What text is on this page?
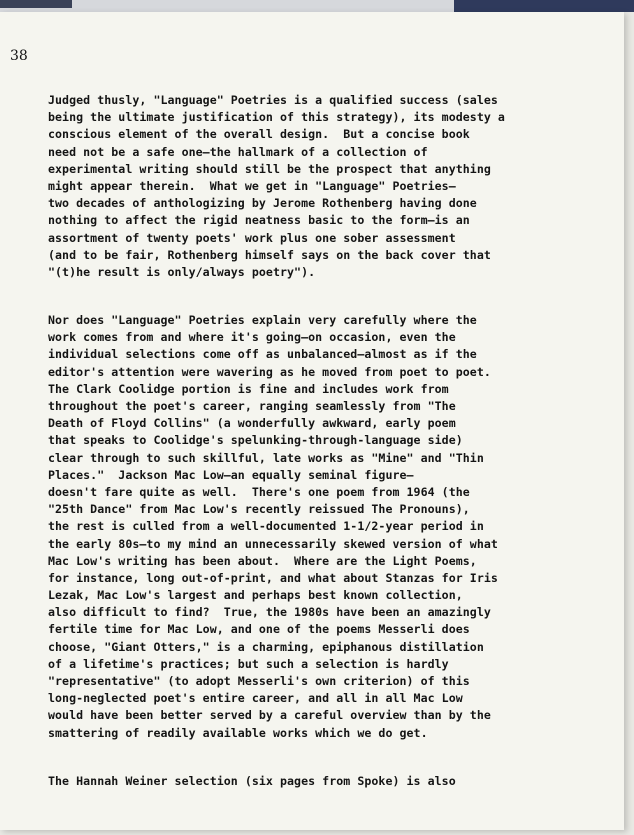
38
Judged thusly, "Language" Poetries is a qualified success (sales
being the ultimate justification of this strategy), its modesty a
conscious element of the overall design.  But a concise book
need not be a safe one—the hallmark of a collection of
experimental writing should still be the prospect that anything
might appear therein.  What we get in "Language" Poetries—
two decades of anthologizing by Jerome Rothenberg having done
nothing to affect the rigid neatness basic to the form—is an
assortment of twenty poets' work plus one sober assessment
(and to be fair, Rothenberg himself says on the back cover that
"(t)he result is only/always poetry").
Nor does "Language" Poetries explain very carefully where the
work comes from and where it's going—on occasion, even the
individual selections come off as unbalanced—almost as if the
editor's attention were wavering as he moved from poet to poet.
The Clark Coolidge portion is fine and includes work from
throughout the poet's career, ranging seamlessly from "The
Death of Floyd Collins" (a wonderfully awkward, early poem
that speaks to Coolidge's spelunking-through-language side)
clear through to such skillful, late works as "Mine" and "Thin
Places."  Jackson Mac Low—an equally seminal figure—
doesn't fare quite as well.  There's one poem from 1964 (the
"25th Dance" from Mac Low's recently reissued The Pronouns),
the rest is culled from a well-documented 1-1/2-year period in
the early 80s—to my mind an unnecessarily skewed version of what
Mac Low's writing has been about.  Where are the Light Poems,
for instance, long out-of-print, and what about Stanzas for Iris
Lezak, Mac Low's largest and perhaps best known collection,
also difficult to find?  True, the 1980s have been an amazingly
fertile time for Mac Low, and one of the poems Messerli does
choose, "Giant Otters," is a charming, epiphanous distillation
of a lifetime's practices; but such a selection is hardly
"representative" (to adopt Messerli's own criterion) of this
long-neglected poet's entire career, and all in all Mac Low
would have been better served by a careful overview than by the
smattering of readily available works which we do get.
The Hannah Weiner selection (six pages from Spoke) is also
